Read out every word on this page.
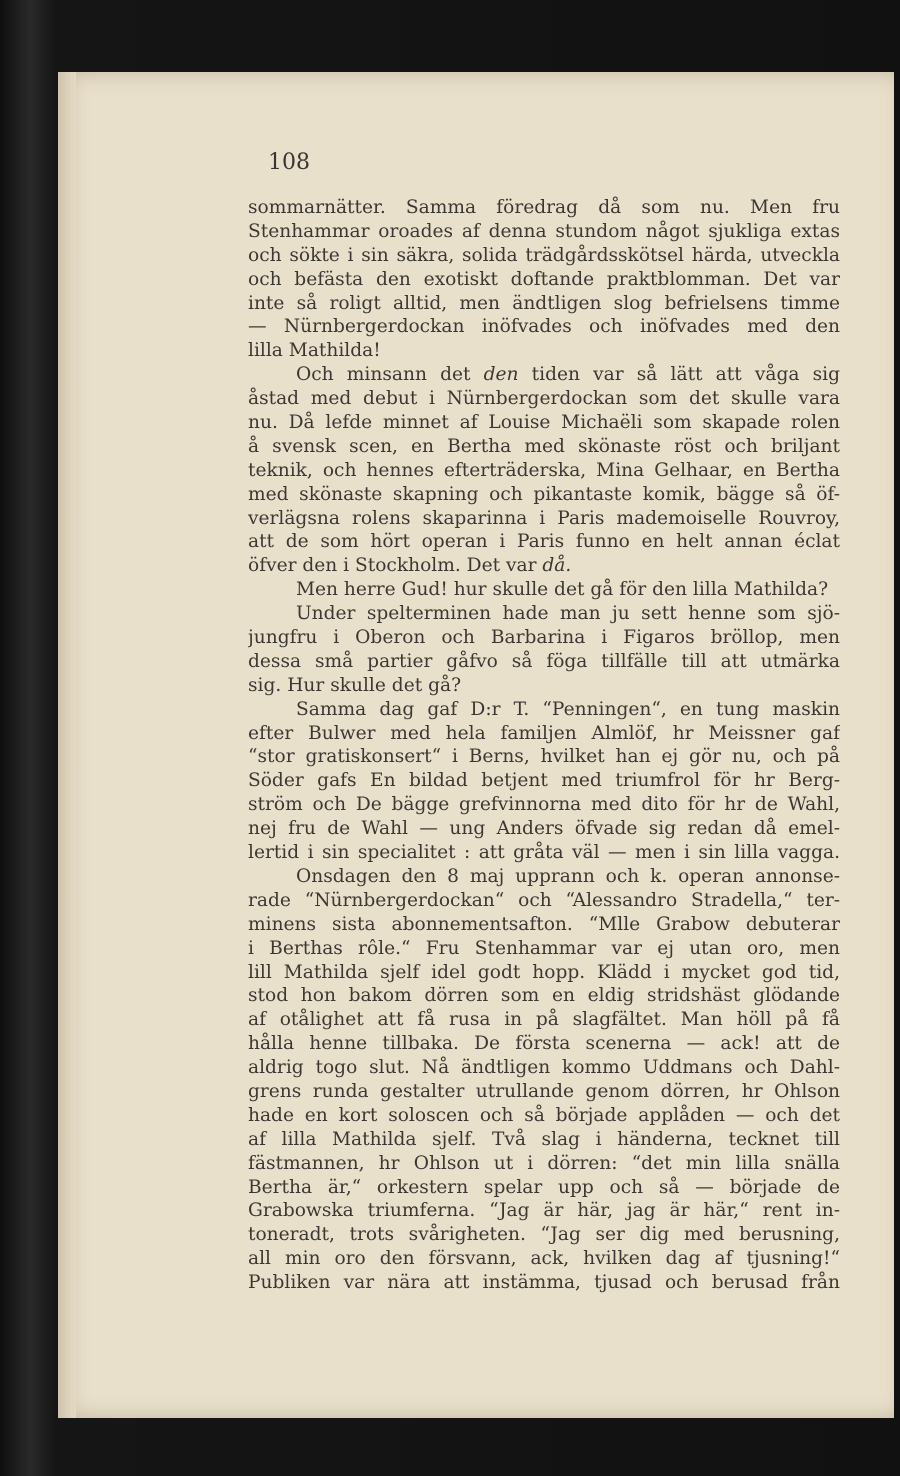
108

sommarnätter. Samma föredrag då som nu. Men fru
Stenhammar oroades af denna stundom något sjukliga extas
och sökte i sin säkra, solida trädgårdsskötsel härda, utveckla
och befästa den exotiskt doftande praktblomman. Det var
inte så roligt alltid, men ändtligen slog befrielsens timme
— Nürnbergerdockan inöfvades och inöfvades med den
lilla Mathilda!
Och minsann det den tiden var så lätt att våga sig
åstad med debut i Nürnbergerdockan som det skulle vara
nu. Då lefde minnet af Louise Michaëli som skapade rolen
å svensk scen, en Bertha med skönaste röst och briljant
teknik, och hennes efterträderska, Mina Gelhaar, en Bertha
med skönaste skapning och pikantaste komik, bägge så öf-
verlägsna rolens skaparinna i Paris mademoiselle Rouvroy,
att de som hört operan i Paris funno en helt annan éclat
öfver den i Stockholm. Det var då.
Men herre Gud! hur skulle det gå för den lilla Mathilda?
Under spelterminen hade man ju sett henne som sjö-
jungfru i Oberon och Barbarina i Figaros bröllop, men
dessa små partier gåfvo så föga tillfälle till att utmärka
sig. Hur skulle det gå?
Samma dag gaf D:r T. “Penningen“, en tung maskin
efter Bulwer med hela familjen Almlöf, hr Meissner gaf
“stor gratiskonsert“ i Berns, hvilket han ej gör nu, och på
Söder gafs En bildad betjent med triumfrol för hr Berg-
ström och De bägge grefvinnorna med dito för hr de Wahl,
nej fru de Wahl — ung Anders öfvade sig redan då emel-
lertid i sin specialitet : att gråta väl — men i sin lilla vagga.
Onsdagen den 8 maj upprann och k. operan annonse-
rade “Nürnbergerdockan“ och “Alessandro Stradella,“ ter-
minens sista abonnementsafton. “Mlle Grabow debuterar
i Berthas rôle.“ Fru Stenhammar var ej utan oro, men
lill Mathilda sjelf idel godt hopp. Klädd i mycket god tid,
stod hon bakom dörren som en eldig stridshäst glödande
af otålighet att få rusa in på slagfältet. Man höll på få
hålla henne tillbaka. De första scenerna — ack! att de
aldrig togo slut. Nå ändtligen kommo Uddmans och Dahl-
grens runda gestalter utrullande genom dörren, hr Ohlson
hade en kort soloscen och så började applåden — och det
af lilla Mathilda sjelf. Två slag i händerna, tecknet till
fästmannen, hr Ohlson ut i dörren: “det min lilla snälla
Bertha är,“ orkestern spelar upp och så — började de
Grabowska triumferna. “Jag är här, jag är här,“ rent in-
toneradt, trots svårigheten. “Jag ser dig med berusning,
all min oro den försvann, ack, hvilken dag af tjusning!“
Publiken var nära att instämma, tjusad och berusad från
